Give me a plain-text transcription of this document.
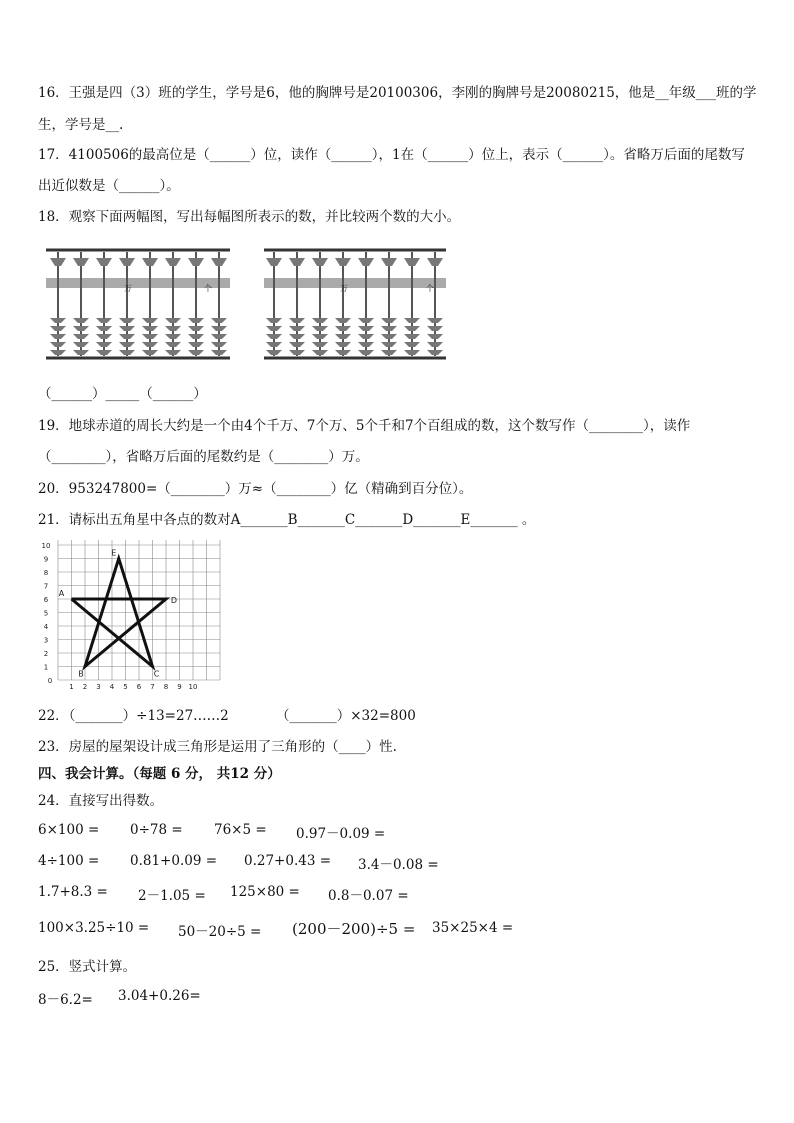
16．王强是四（3）班的学生，学号是6，他的胸牌号是20100306，李刚的胸牌号是20080215，他是__年级___班的学
生，学号是__.
17．4100506的最高位是（______）位，读作（______），1在（______）位上，表示（______）。省略万后面的尾数写
出近似数是（______）。
18．观察下面两幅图，写出每幅图所表示的数，并比较两个数的大小。
万	个	万	个
（______）_____（______）
19．地球赤道的周长大约是一个由4个千万、7个万、5个千和7个百组成的数，这个数写作（________），读作
（________），省略万后面的尾数约是（________）万。
20．953247800=（________）万≈（________）亿（精确到百分位）。
21．请标出五角星中各点的数对A_______B_______C_______D_______E_______ 。
0
1 2 3 4 5 6 7 8 9 10
1
2
3
4
5
6
7
8
9
10
A
B	C
D
E
22．（_______）÷13=27……2　　　　（_______）×32=800
23．房屋的屋架设计成三角形是运用了三角形的（____）性.
四、我会计算。（每题 6 分， 共12 分）
24．直接写出得数。
6×100 = 0÷78 = 76×5 = 0.97－0.09 =
4÷100 = 0.81+0.09 = 0.27+0.43 = 3.4－0.08 =
1.7+8.3 = 2－1.05 = 125×80 = 0.8－0.07 =
100×3.25÷10 = 50－20÷5 = (200－200)÷5 = 35×25×4 =
25．竖式计算。
8－6.2= 3.04+0.26=
